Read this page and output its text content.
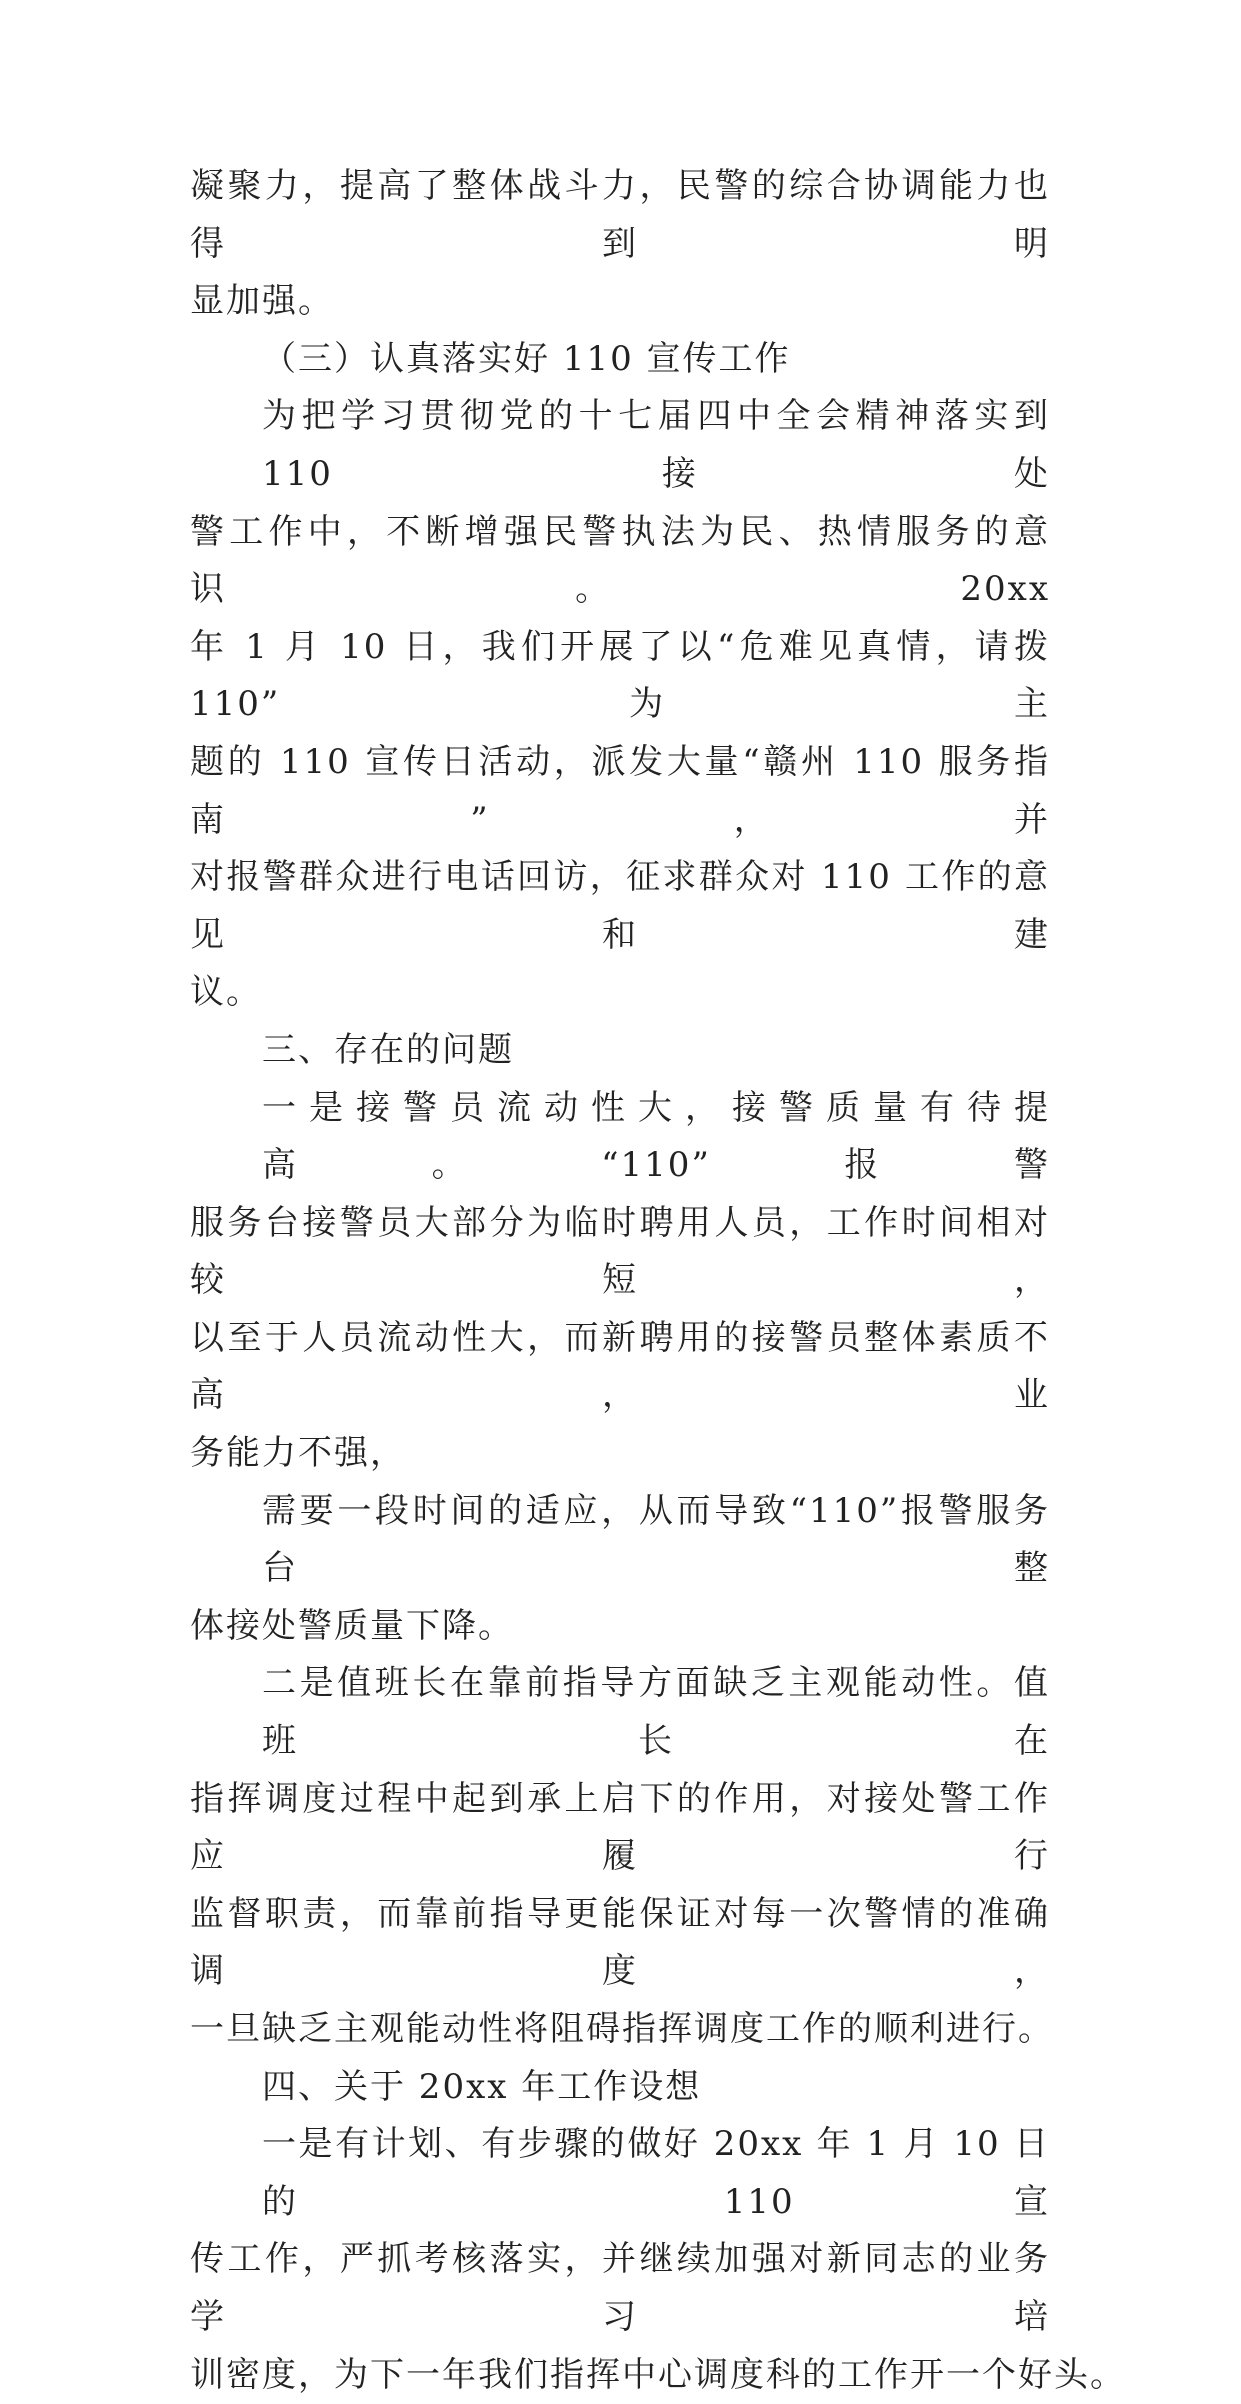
凝聚力，提高了整体战斗力，民警的综合协调能力也得到明
显加强。
（三）认真落实好 110 宣传工作
为把学习贯彻党的十七届四中全会精神落实到 110 接处
警工作中，不断增强民警执法为民、热情服务的意识。20xx
年 1 月 10 日，我们开展了以“危难见真情，请拨 110”为主
题的 110 宣传日活动，派发大量“赣州 110 服务指南”，并
对报警群众进行电话回访，征求群众对 110 工作的意见和建
议。
三、存在的问题
一是接警员流动性大，接警质量有待提高。“110”报警
服务台接警员大部分为临时聘用人员，工作时间相对较短，
以至于人员流动性大，而新聘用的接警员整体素质不高，业
务能力不强，
需要一段时间的适应，从而导致“110”报警服务台整
体接处警质量下降。
二是值班长在靠前指导方面缺乏主观能动性。值班长在
指挥调度过程中起到承上启下的作用，对接处警工作应履行
监督职责，而靠前指导更能保证对每一次警情的准确调度，
一旦缺乏主观能动性将阻碍指挥调度工作的顺利进行。
四、关于 20xx 年工作设想
一是有计划、有步骤的做好 20xx 年 1 月 10 日的 110 宣
传工作，严抓考核落实，并继续加强对新同志的业务学习培
训密度，为下一年我们指挥中心调度科的工作开一个好头。
